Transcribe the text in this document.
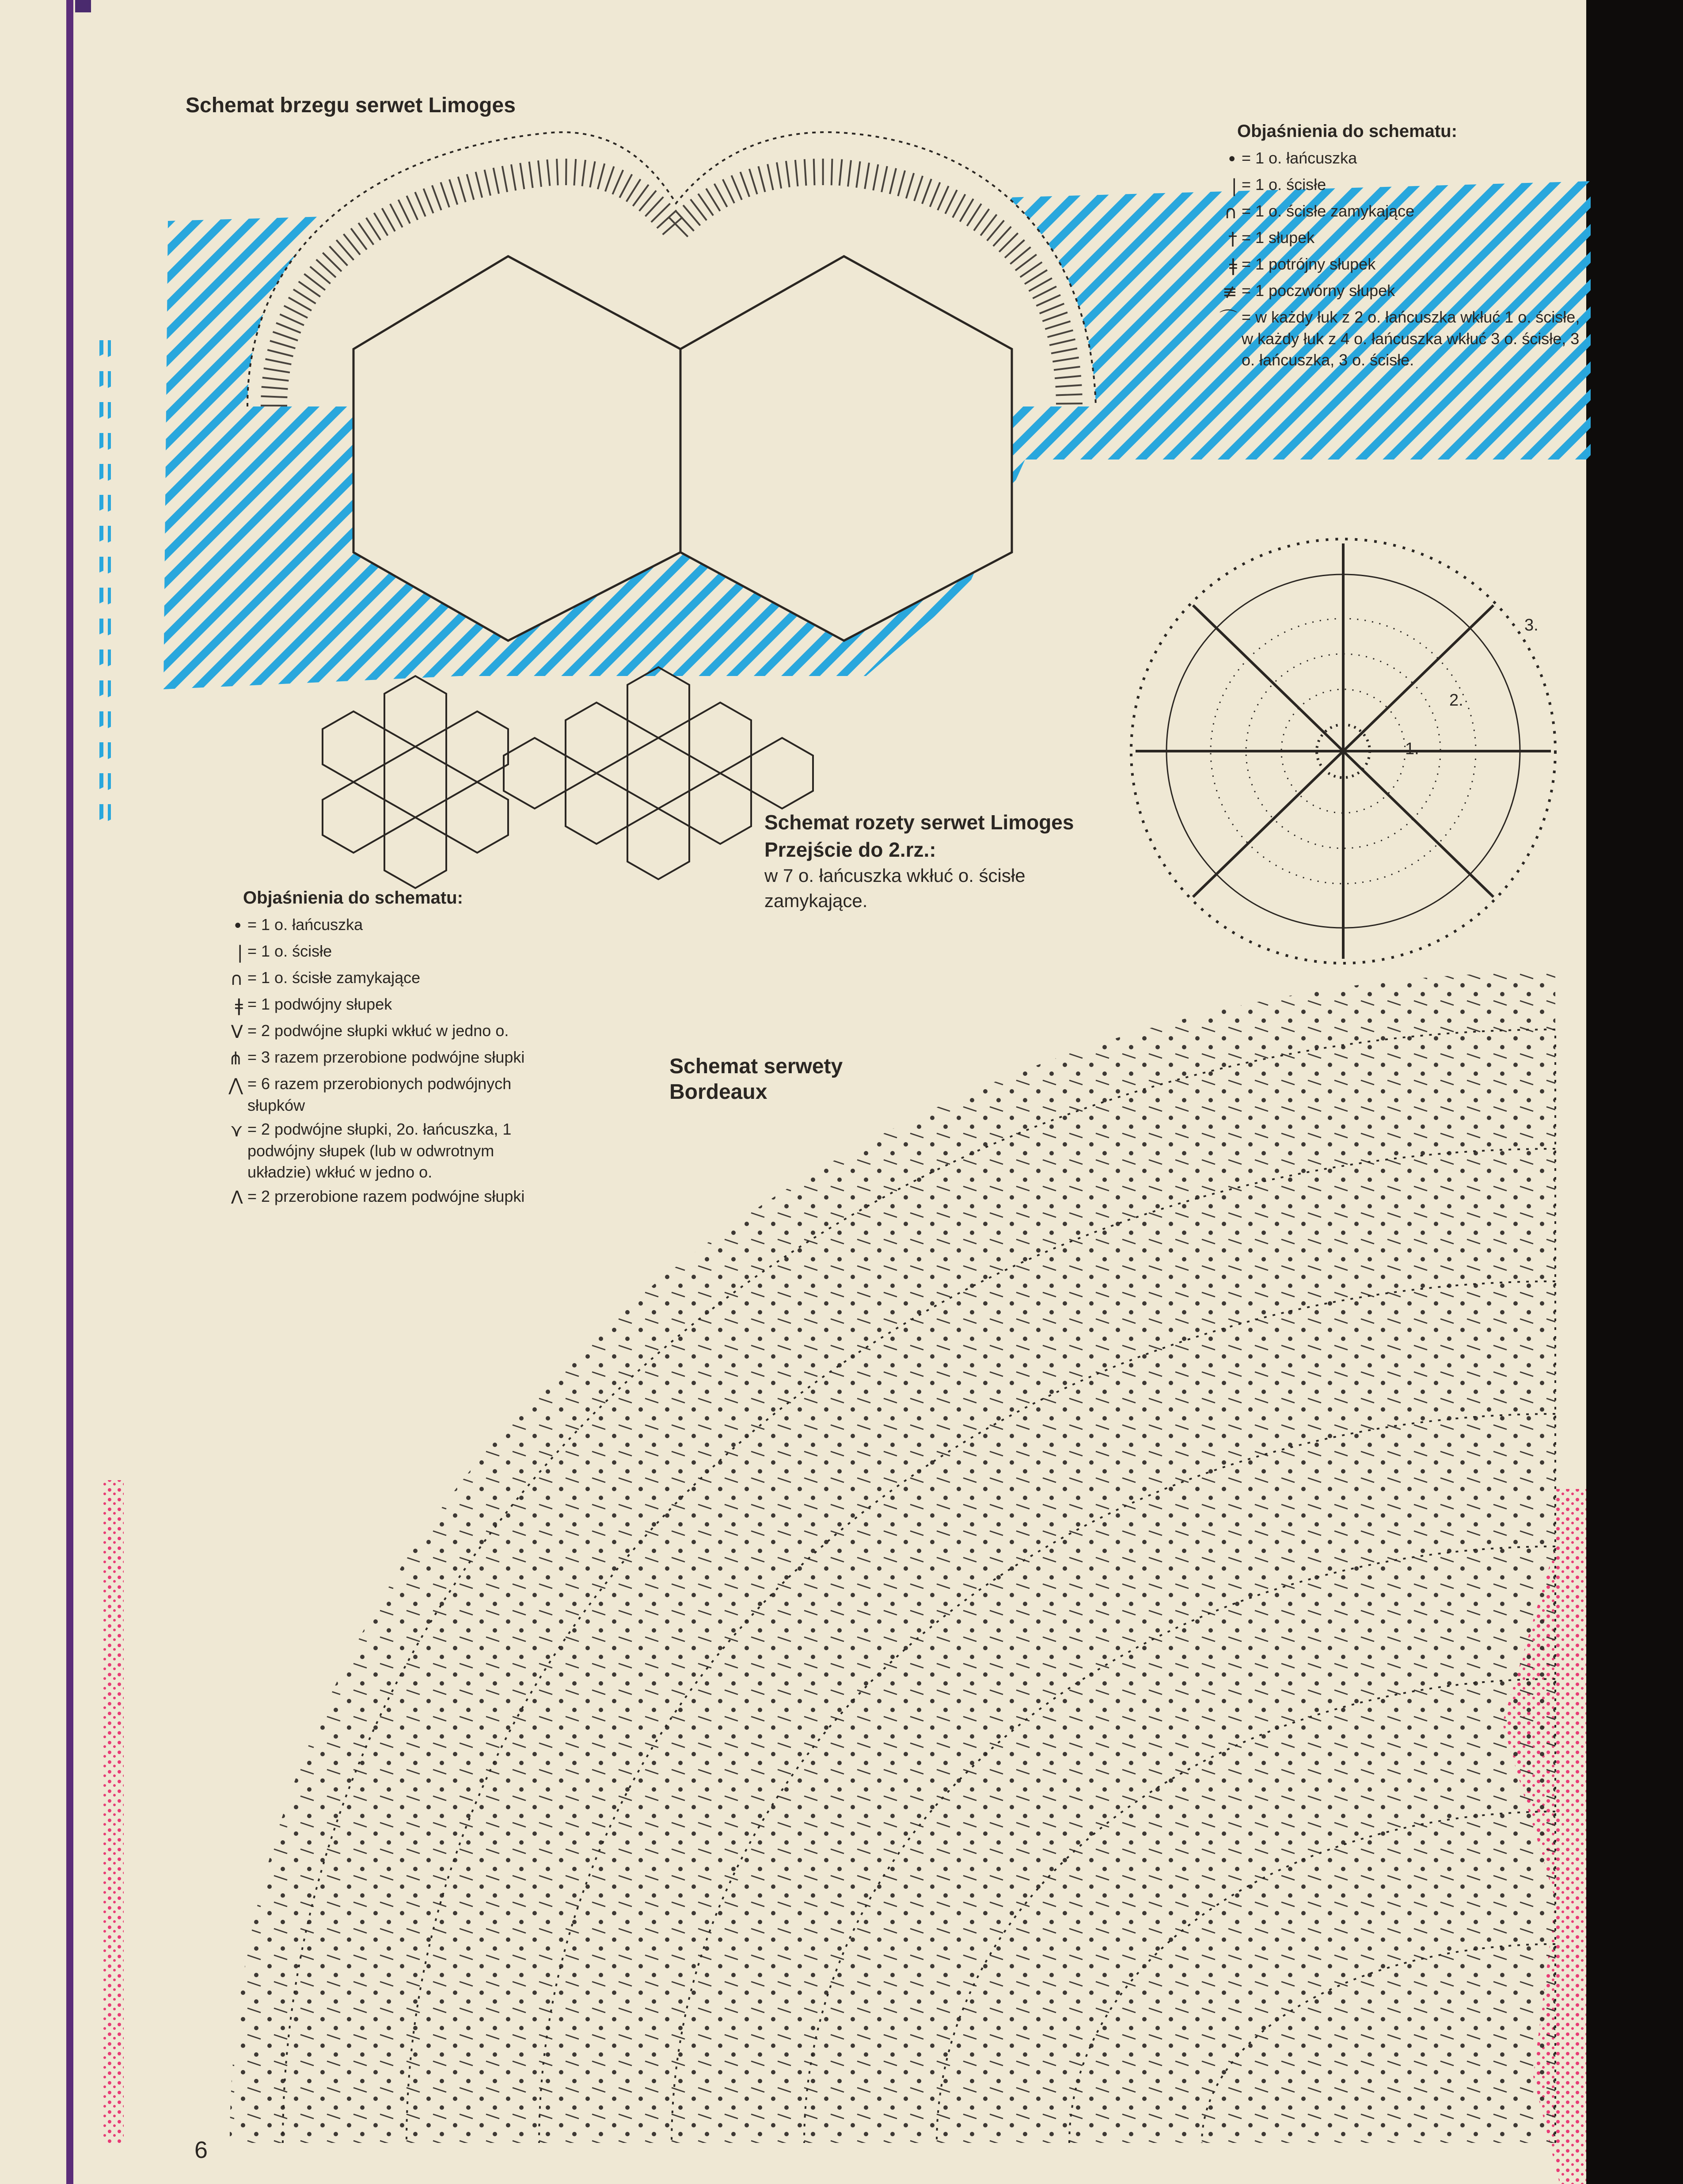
Schemat brzegu serwet Limoges
Objaśnienia do schematu:
• = 1 o. łańcuszka
| = 1 o. ścisłe
∩ = 1 o. ścisłe zamykające
† = 1 słupek
ǂ = 1 potrójny słupek
≢ = 1 poczwórny słupek
⌒ = w każdy łuk z 2 o. łańcuszka wkłuć 1 o. ścisłe, w każdy łuk z 4 o. łańcuszka wkłuć 3 o. ścisłe, 3 o. łańcuszka, 3 o. ścisłe.
3.
2.
1.
Schemat rozety serwet Limoges
Przejście do 2.rz.:
w 7 o. łańcuszka wkłuć o. ścisłe
zamykające.
Objaśnienia do schematu:
• = 1 o. łańcuszka
| = 1 o. ścisłe
∩ = 1 o. ścisłe zamykające
ǂ = 1 podwójny słupek
V = 2 podwójne słupki wkłuć w jedno o.
⋔ = 3 razem przerobione podwójne słupki
⋀ = 6 razem przerobionych podwójnych słupków
⋎ = 2 podwójne słupki, 2o. łańcuszka, 1 podwójny słupek (lub w odwrotnym układzie) wkłuć w jedno o.
Λ = 2 przerobione razem podwójne słupki
Schemat serwety
Bordeaux
6
